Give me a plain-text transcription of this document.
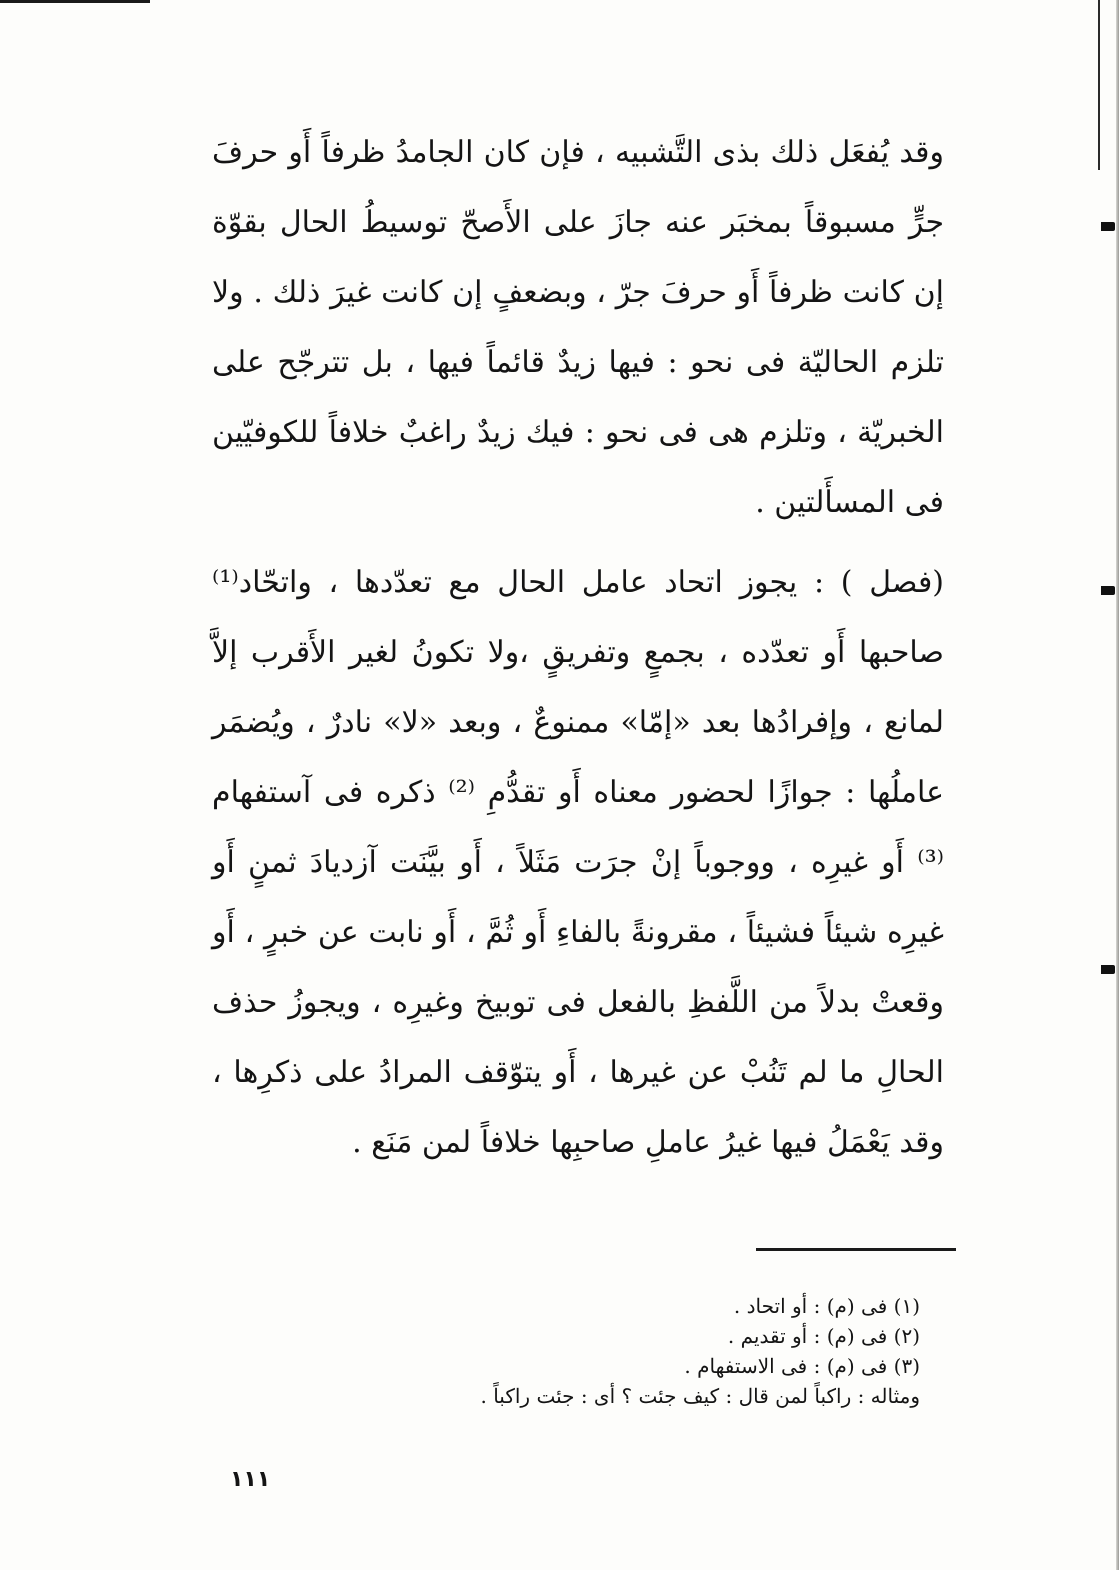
وقد يُفعَل ذلك بذى التَّشبيه ، فإن كان الجامدُ ظرفاً أَو حرفَ جرٍّ مسبوقاً بمخبَر عنه جازَ على الأَصحّ توسيطُ الحال بقوّة إن كانت ظرفاً أَو حرفَ جرّ ، وبضعفٍ إن كانت غيرَ ذلك . ولا تلزم الحاليّة فى نحو : فيها زيدٌ قائماً فيها ، بل تترجّح على الخبريّة ، وتلزم هى فى نحو : فيك زيدٌ راغبٌ خلافاً للكوفيّين فى المسأَلتين .

(فصل ) : يجوز اتحاد عامل الحال مع تعدّدها ، واتحّاد⁽¹⁾ صاحبها أَو تعدّده ، بجمعٍ وتفريقٍ ،ولا تكونُ لغير الأَقرب إلاَّ لمانع ، وإفرادُها بعد «إمّا» ممنوعٌ ، وبعد «لا» نادرٌ ، ويُضمَر عاملُها : جوازًا لحضور معناه أَو تقدُّمِ ⁽²⁾ ذكره فى آستفهام ⁽³⁾ أَو غيرِه ، ووجوباً إنْ جرَت مَثَلاً ، أَو بيَّنَت آزديادَ ثمنٍ أَو غيرِه شيئاً فشيئاً ، مقرونةً بالفاءِ أَو ثُمَّ ، أَو نابت عن خبرٍ ، أَو وقعتْ بدلاً من اللَّفظِ بالفعل فى توبيخ وغيرِه ، ويجوزُ حذف الحالِ ما لم تَنُبْ عن غيرها ، أَو يتوّقف المرادُ على ذكرِها ، وقد يَعْمَلُ فيها غيرُ عاملِ صاحبِها خلافاً لمن مَنَع .

(١) فى (م) : أو اتحاد .

(٢) فى (م) : أو تقديم .

(٣) فى (م) : فى الاستفهام .

ومثاله : راكباً لمن قال : كيف جئت ؟ أى : جئت راكباً .

١١١
